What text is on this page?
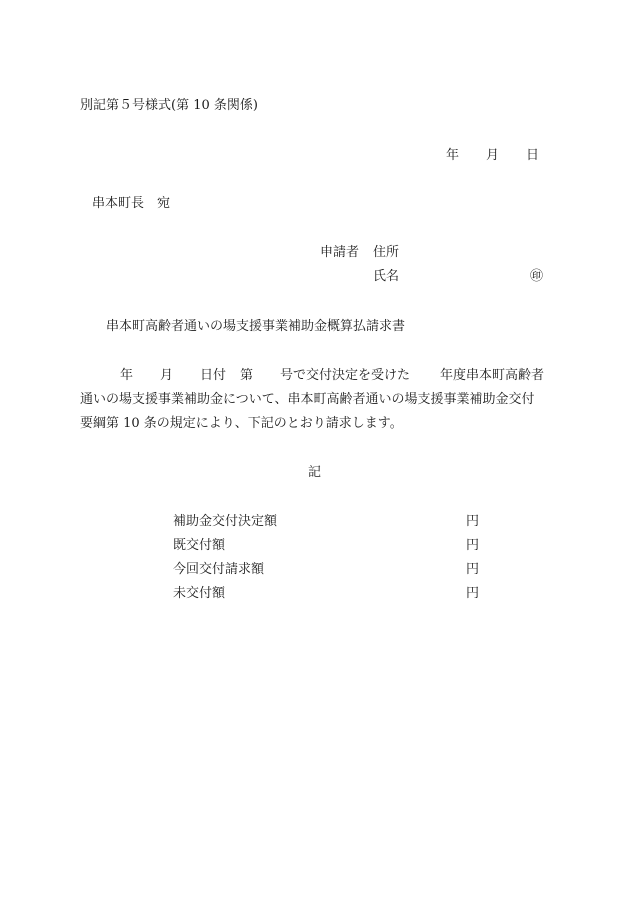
別記第５号様式(第 10 条関係)
年 月 日
串本町長　宛
申請者 住所
氏名	㊞
串本町高齢者通いの場支援事業補助金概算払請求書
年 月 日付 第 号で交付決定を受けた 年度串本町高齢者
通いの場支援事業補助金について、串本町高齢者通いの場支援事業補助金交付
要綱第 10 条の規定により、下記のとおり請求します。
記
補助金交付決定額	円
既交付額	円
今回交付請求額	円
未交付額	円
